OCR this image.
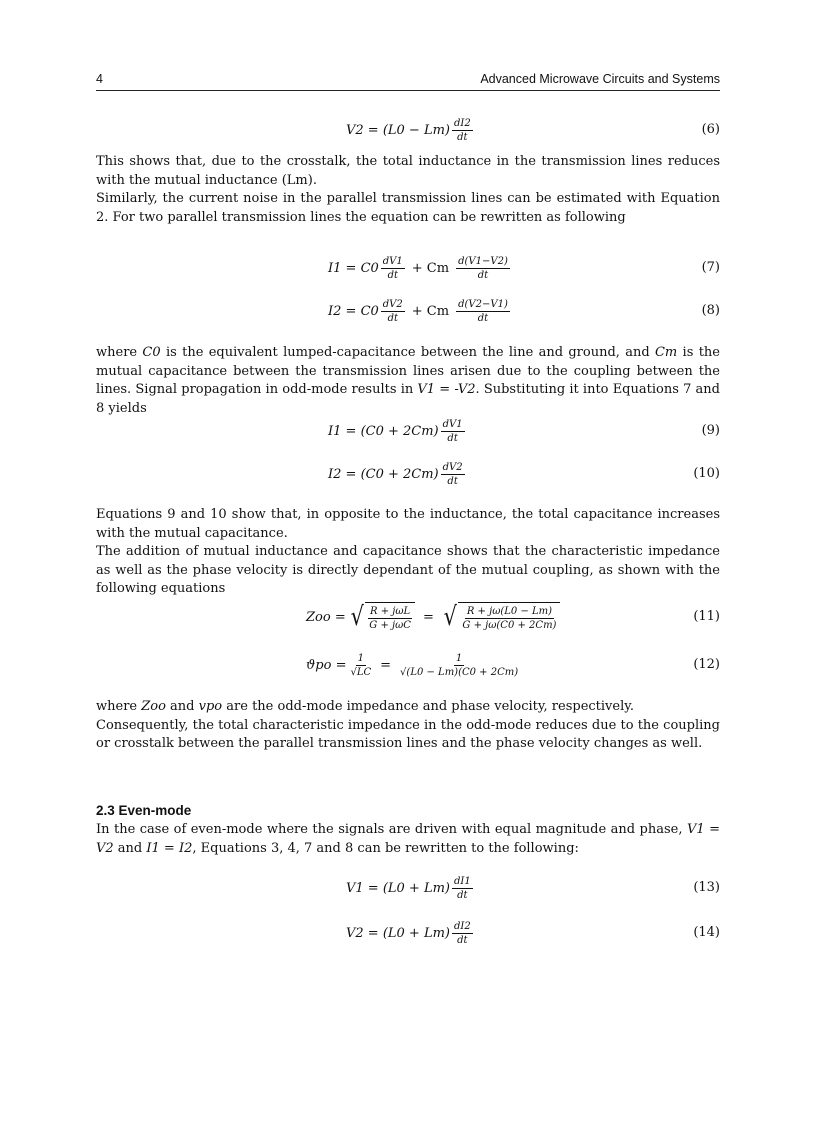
4	Advanced Microwave Circuits and Systems
$V2 = (L0 - Lm) \frac{dI2}{dt}$	(6)

This shows that, due to the crosstalk, the total inductance in the transmission lines reduces with the mutual inductance (Lm).
Similarly, the current noise in the parallel transmission lines can be estimated with Equation 2. For two parallel transmission lines the equation can be rewritten as following

$I1 = C0 \frac{dV1}{dt} + Cm \frac{d(V1-V2)}{dt}$	(7)
$I2 = C0 \frac{dV2}{dt} + Cm \frac{d(V2-V1)}{dt}$	(8)

where C0 is the equivalent lumped-capacitance between the line and ground, and Cm is the mutual capacitance between the transmission lines arisen due to the coupling between the lines. Signal propagation in odd-mode results in V1 = -V2. Substituting it into Equations 7 and 8 yields

$I1 = (C0 + 2Cm) \frac{dV1}{dt}$	(9)
$I2 = (C0 + 2Cm) \frac{dV2}{dt}$	(10)

Equations 9 and 10 show that, in opposite to the inductance, the total capacitance increases with the mutual capacitance.
The addition of mutual inductance and capacitance shows that the characteristic impedance as well as the phase velocity is directly dependant of the mutual coupling, as shown with the following equations

Zoo = √ $\frac{\text{R + jωL}}{\text{G + jωC}}$ = √ $\frac{R + j\omega(L0 - Lm)}{G + j\omega(C0 + 2Cm)}$	(11)
$ϑpo = \frac{1}{√LC} = \frac{1}{√(L0 - Lm)(C0 + 2Cm)}$	(12)

where Zoo and vpo are the odd-mode impedance and phase velocity, respectively.
Consequently, the total characteristic impedance in the odd-mode reduces due to the coupling or crosstalk between the parallel transmission lines and the phase velocity changes as well.

2.3 Even-mode

In the case of even-mode where the signals are driven with equal magnitude and phase, V1 = V2 and I1 = I2, Equations 3, 4, 7 and 8 can be rewritten to the following:

$V1 = (L0 + Lm) \frac{dI1}{dt}$	(13)
$V2 = (L0 + Lm) \frac{dI2}{dt}$	(14)
